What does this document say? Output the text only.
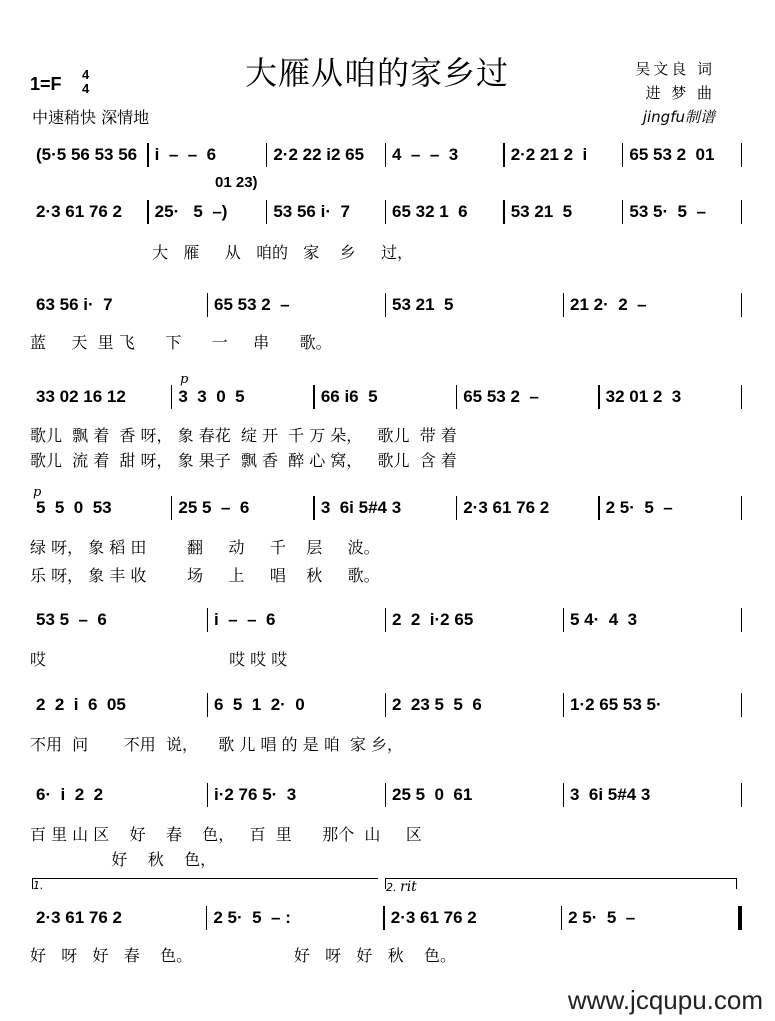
大雁从咱的家乡过
1=F 4
4
中速稍快 深情地
吴文良 词
进 梦 曲
jingfu制谱
(5·5 56 53 56	i  –  –  6	2·2 22 i2 65	4  –  –  3	2·2 21 2  i	65 53 2  01
2·3 61 76 2	25·   5  –)	53 56 i·  7	65 32 1  6	53 21  5	53 5·  5  –
63 56 i·  7	65 53 2  –	53 21  5	21 2·  2  –
33 02 16 12	3  3  0  5	66 i6  5	65 53 2  –	32 01 2  3
5  5  0  53	25 5  –  6	3  6i 5#4 3	2·3 61 76 2	2 5·  5  –
53 5  –  6	i  –  –  6	2  2  i·2 65	5 4·  4  3
2  2  i  6  05	6  5  1  2·  0	2  23 5  5  6	1·2 65 53 5·
6·  i  2  2	i·2 76 5·  3	25 5  0  61	3  6i 5#4 3
2·3 61 76 2	2 5·  5  – :	2·3 61 76 2	2 5·  5  –
01 23)
p
p
1.	2. rit
大   雁     从   咱的   家    乡     过，
蓝     天  里 飞      下      一     串      歌。
歌儿  飘 着  香 呀， 象 春花  绽 开  千 万 朵，   歌儿  带 着
歌儿  流 着  甜 呀， 象 果子  飘 香  醉 心 窝，   歌儿  含 着
绿 呀， 象 稻 田        翻     动     千    层     波。
乐 呀， 象 丰 收        场     上     唱    秋     歌。
哎                                    哎 哎 哎
不用  问       不用  说，    歌 儿 唱 的 是 咱  家 乡，
百 里 山 区    好    春    色，   百  里      那个  山     区
好    秋    色，
好   呀   好   春    色。                    好   呀   好   秋    色。
www.jcqupu.com
